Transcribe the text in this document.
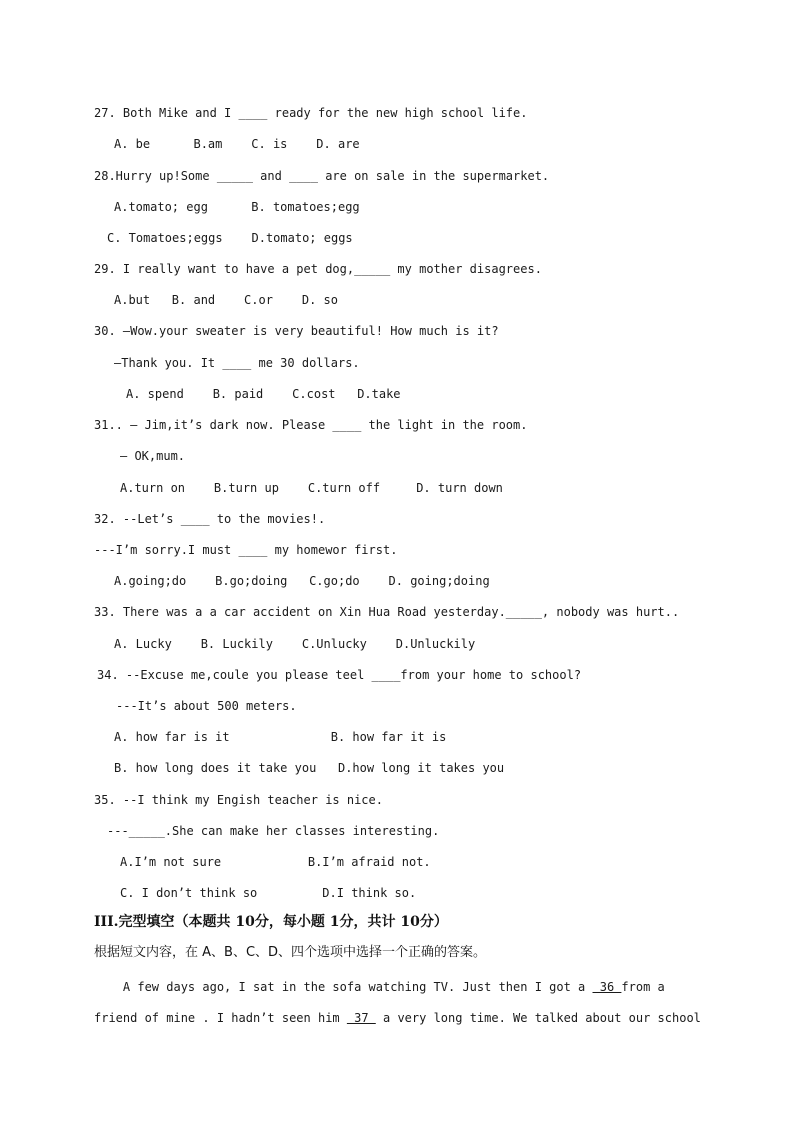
27. Both Mike and I ____ ready for the new high school life.
A. be      B.am    C. is    D. are
28.Hurry up!Some _____ and ____ are on sale in the supermarket.
A.tomato; egg      B. tomatoes;egg
C. Tomatoes;eggs    D.tomato; eggs
29. I really want to have a pet dog,_____ my mother disagrees.
A.but   B. and    C.or    D. so
30. —Wow.your sweater is very beautiful! How much is it?
—Thank you. It ____ me 30 dollars.
A. spend    B. paid    C.cost   D.take
31.. — Jim,it’s dark now. Please ____ the light in the room.
— OK,mum.
A.turn on    B.turn up    C.turn off     D. turn down
32. --Let’s ____ to the movies!.
---I’m sorry.I must ____ my homewor first.
A.going;do    B.go;doing   C.go;do    D. going;doing
33. There was a a car accident on Xin Hua Road yesterday._____, nobody was hurt..
A. Lucky    B. Luckily    C.Unlucky    D.Unluckily
34. --Excuse me,coule you please teel ____from your home to school?
---It’s about 500 meters.
A. how far is it              B. how far it is
B. how long does it take you   D.how long it takes you
35. --I think my Engish teacher is nice.
---_____.She can make her classes interesting.
A.I’m not sure            B.I’m afraid not.
C. I don’t think so         D.I think so.
III.完型填空（本题共 10分，每小题 1分，共计 10分）
根据短文内容，在 A、B、C、D、四个选项中选择一个正确的答案。
A few days ago, I sat in the sofa watching TV. Just then I got a  36 from a
friend of mine . I hadn’t seen him  37  a very long time. We talked about our school
